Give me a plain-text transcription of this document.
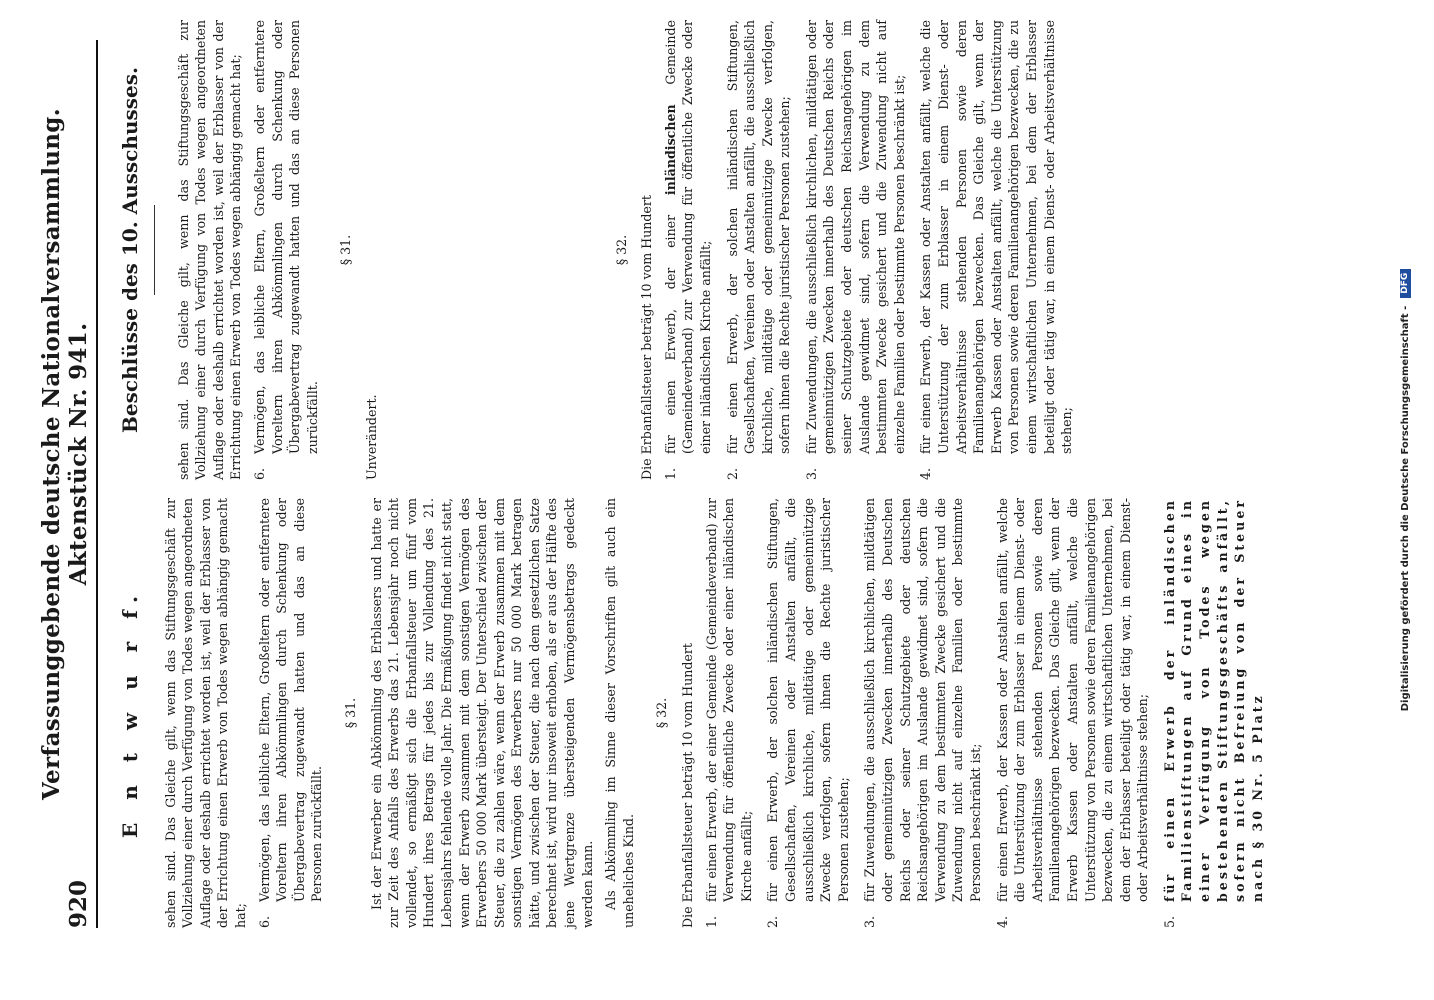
920
Verfassunggebende deutsche Nationalversammlung. Aktenstück Nr. 941.
E n t w u r f. sehen sind. Das Gleiche gilt, wenn das Stiftungsgeschäft zur Vollziehung einer durch Verfügung von Todes wegen angeordneten Auflage oder deshalb errichtet worden ist, weil der Erblasser von der Errichtung einen Erwerb von Todes wegen abhängig gemacht hat; 6.
Vermögen, das leibliche Eltern, Großeltern oder entferntere Voreltern ihren Abkömmlingen durch Schenkung oder Übergabevertrag zugewandt hatten und das an diese Personen zurückfällt.
§ 31. Ist der Erwerber ein Abkömmling des Erblassers und hatte er zur Zeit des Anfalls des Erwerbs das 21. Lebensjahr noch nicht vollendet, so ermäßigt sich die Erbanfallsteuer um fünf vom Hundert ihres Betrags für jedes bis zur Vollendung des 21. Lebensjahrs fehlende volle Jahr. Die Ermäßigung findet nicht statt, wenn der Erwerb zusammen mit dem sonstigen Vermögen des Erwerbers 50 000 Mark übersteigt. Der Unterschied zwischen der Steuer, die zu zahlen wäre, wenn der Erwerb zusammen mit dem sonstigen Vermögen des Erwerbers nur 50 000 Mark betragen hätte, und zwischen der Steuer, die nach dem gesetzlichen Satze berechnet ist, wird nur insoweit erhoben, als er aus der Hälfte des jene Wertgrenze übersteigenden Vermögensbetrags gedeckt werden kann. Als Abkömmling im Sinne dieser Vorschriften gilt auch ein uneheliches Kind.

§ 32. Die Erbanfallsteuer beträgt 10 vom Hundert 1.
für einen Erwerb, der einer Gemeinde (Gemeindeverband) zur Verwendung für öffentliche Zwecke oder einer inländischen Kirche anfällt;
2.
für einen Erwerb, der solchen inländischen Stiftungen, Gesellschaften, Vereinen oder Anstalten anfällt, die ausschließlich kirchliche, mildtätige oder gemeinnützige Zwecke verfolgen, sofern ihnen die Rechte juristischer Personen zustehen;
3.
für Zuwendungen, die ausschließlich kirchlichen, mildtätigen oder gemeinnützigen Zwecken innerhalb des Deutschen Reichs oder seiner Schutzgebiete oder deutschen Reichsangehörigen im Auslande gewidmet sind, sofern die Verwendung zu dem bestimmten Zwecke gesichert und die Zuwendung nicht auf einzelne Familien oder bestimmte Personen beschränkt ist;
4.
für einen Erwerb, der Kassen oder Anstalten anfällt, welche die Unterstützung der zum Erblasser in einem Dienst- oder Arbeitsverhältnisse stehenden Personen sowie deren Familienangehörigen bezwecken. Das Gleiche gilt, wenn der Erwerb Kassen oder Anstalten anfällt, welche die Unterstützung von Personen sowie deren Familienangehörigen bezwecken, die zu einem wirtschaftlichen Unternehmen, bei dem der Erblasser beteiligt oder tätig war, in einem Dienst- oder Arbeitsverhältnisse stehen;
5.
für einen Erwerb der inländischen Familienstiftungen auf Grund eines in einer Verfügung von Todes wegen bestehenden Stiftungsgeschäfts anfällt, sofern nicht Befreiung von der Steuer nach § 30 Nr. 5 Platz
Beschlüsse des 10. Ausschusses.	sehen sind. Das Gleiche gilt, wenn das Stiftungsgeschäft zur Vollziehung einer durch Verfügung von Todes wegen angeordneten Auflage oder deshalb errichtet worden ist, weil der Erblasser von der Errichtung einen Erwerb von Todes wegen abhängig gemacht hat; 6.
Vermögen, das leibliche Eltern, Großeltern oder entferntere Voreltern ihren Abkömmlingen durch Schenkung oder Übergabevertrag zugewandt hatten und das an diese Personen zurückfällt.
§ 31.

Unverändert.

§ 32. Die Erbanfallsteuer beträgt 10 vom Hundert 1.
für einen Erwerb, der einer inländischen Gemeinde (Gemeindeverband) zur Verwendung für öffentliche Zwecke oder einer inländischen Kirche anfällt;
2.
für einen Erwerb, der solchen inländischen Stiftungen, Gesellschaften, Vereinen oder Anstalten anfällt, die ausschließlich kirchliche, mildtätige oder gemeinnützige Zwecke verfolgen, sofern ihnen die Rechte juristischer Personen zustehen;
3.
für Zuwendungen, die ausschließlich kirchlichen, mildtätigen oder gemeinnützigen Zwecken innerhalb des Deutschen Reichs oder seiner Schutzgebiete oder deutschen Reichsangehörigen im Auslande gewidmet sind, sofern die Verwendung zu dem bestimmten Zwecke gesichert und die Zuwendung nicht auf einzelne Familien oder bestimmte Personen beschränkt ist;
4.
für einen Erwerb, der Kassen oder Anstalten anfällt, welche die Unterstützung der zum Erblasser in einem Dienst- oder Arbeitsverhältnisse stehenden Personen sowie deren Familienangehörigen bezwecken. Das Gleiche gilt, wenn der Erwerb Kassen oder Anstalten anfällt, welche die Unterstützung von Personen sowie deren Familienangehörigen bezwecken, die zu einem wirtschaftlichen Unternehmen, bei dem der Erblasser beteiligt oder tätig war, in einem Dienst- oder Arbeitsverhältnisse stehen;	Digitalisierung gefördert durch die Deutsche Forschungsgemeinschaft -
DFG
